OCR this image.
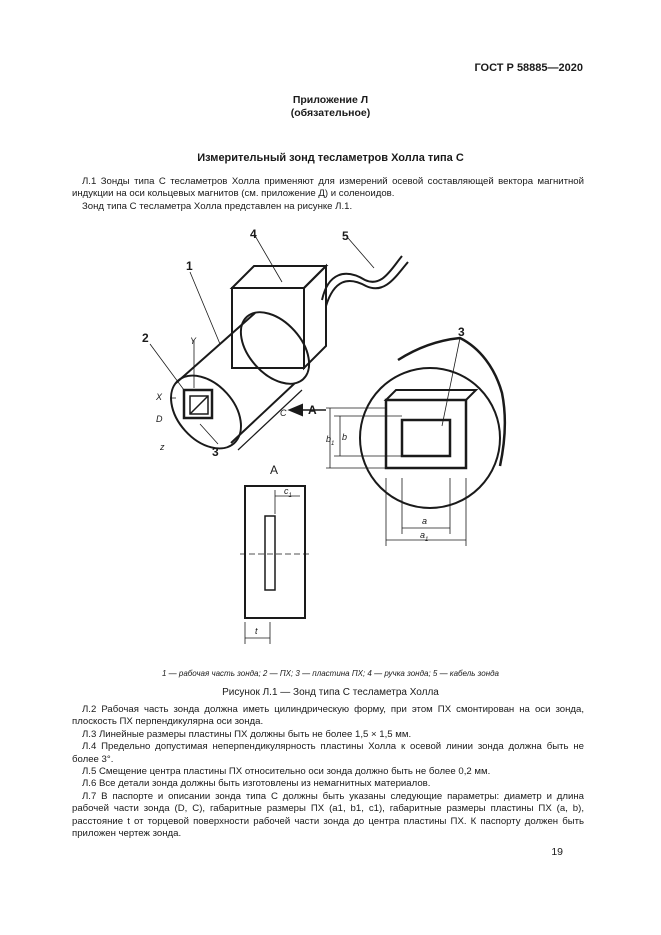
ГОСТ Р 58885—2020
Приложение Л
(обязательное)
Измерительный зонд тесламетров Холла типа С

Л.1 Зонды типа С тесламетров Холла применяют для измерений осевой составляющей вектора магнитной индукции на оси кольцевых магнитов (см. приложение Д) и соленоидов.

Зонд типа С тесламетра Холла представлен на рисунке Л.1.

1
4	5
2
3
3
A
A
Y
X
z
D
C
b
$b_1$
a
$a_1$
$c_1$
t
1 — рабочая часть зонда; 2 — ПХ; 3 — пластина ПХ; 4 — ручка зонда; 5 — кабель зонда
Рисунок Л.1 — Зонд типа С тесламетра Холла

Л.2 Рабочая часть зонда должна иметь цилиндрическую форму, при этом ПХ смонтирован на оси зонда, плоскость ПХ перпендикулярна оси зонда.

Л.3 Линейные размеры пластины ПХ должны быть не более 1,5 × 1,5 мм.

Л.4 Предельно допустимая неперпендикулярность пластины Холла к осевой линии зонда должна быть не более 3°.

Л.5 Смещение центра пластины ПХ относительно оси зонда должно быть не более 0,2 мм.

Л.6 Все детали зонда должны быть изготовлены из немагнитных материалов.

Л.7 В паспорте и описании зонда типа С должны быть указаны следующие параметры: диаметр и длина рабочей части зонда (D, C), габаритные размеры ПХ (a1, b1, c1), габаритные размеры пластины ПХ (a, b), расстояние t от торцевой поверхности рабочей части зонда до центра пластины ПХ. К паспорту должен быть приложен чертеж зонда.

19
